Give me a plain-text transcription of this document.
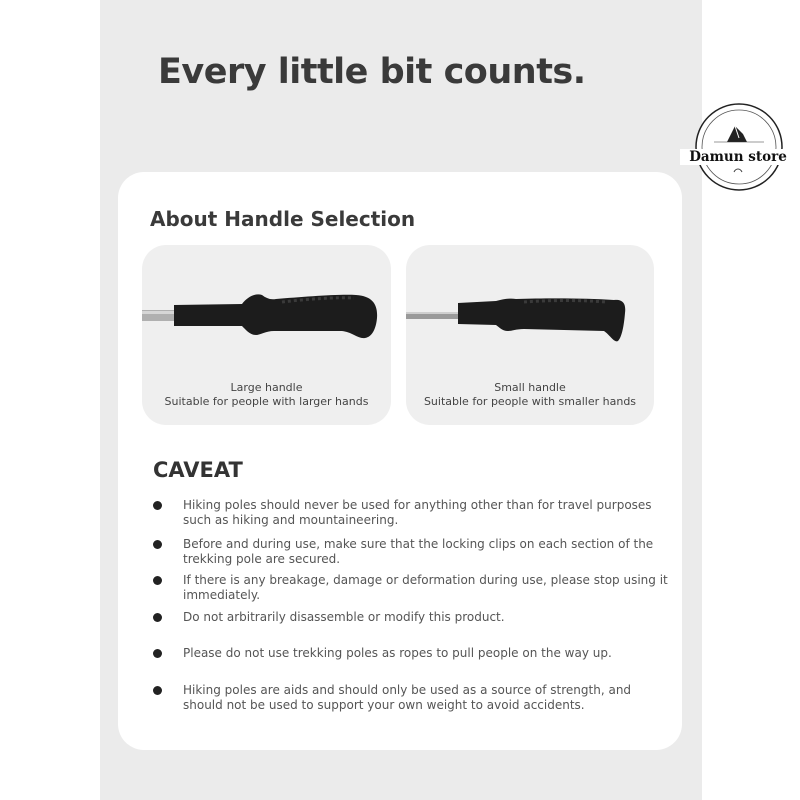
Every little bit counts.
About Handle Selection
Large handle
Suitable for people with larger hands
Small handle
Suitable for people with smaller hands
CAVEAT
Hiking poles should never be used for anything other than for travel purposes such as hiking and mountaineering.
Before and during use, make sure that the locking clips on each section of the trekking pole are secured.
If there is any breakage, damage or deformation during use, please stop using it immediately.
Do not arbitrarily disassemble or modify this product.
Please do not use trekking poles as ropes to pull people on the way up.
Hiking poles are aids and should only be used as a source of strength, and should not be used to support your own weight to avoid accidents.
Damun store
